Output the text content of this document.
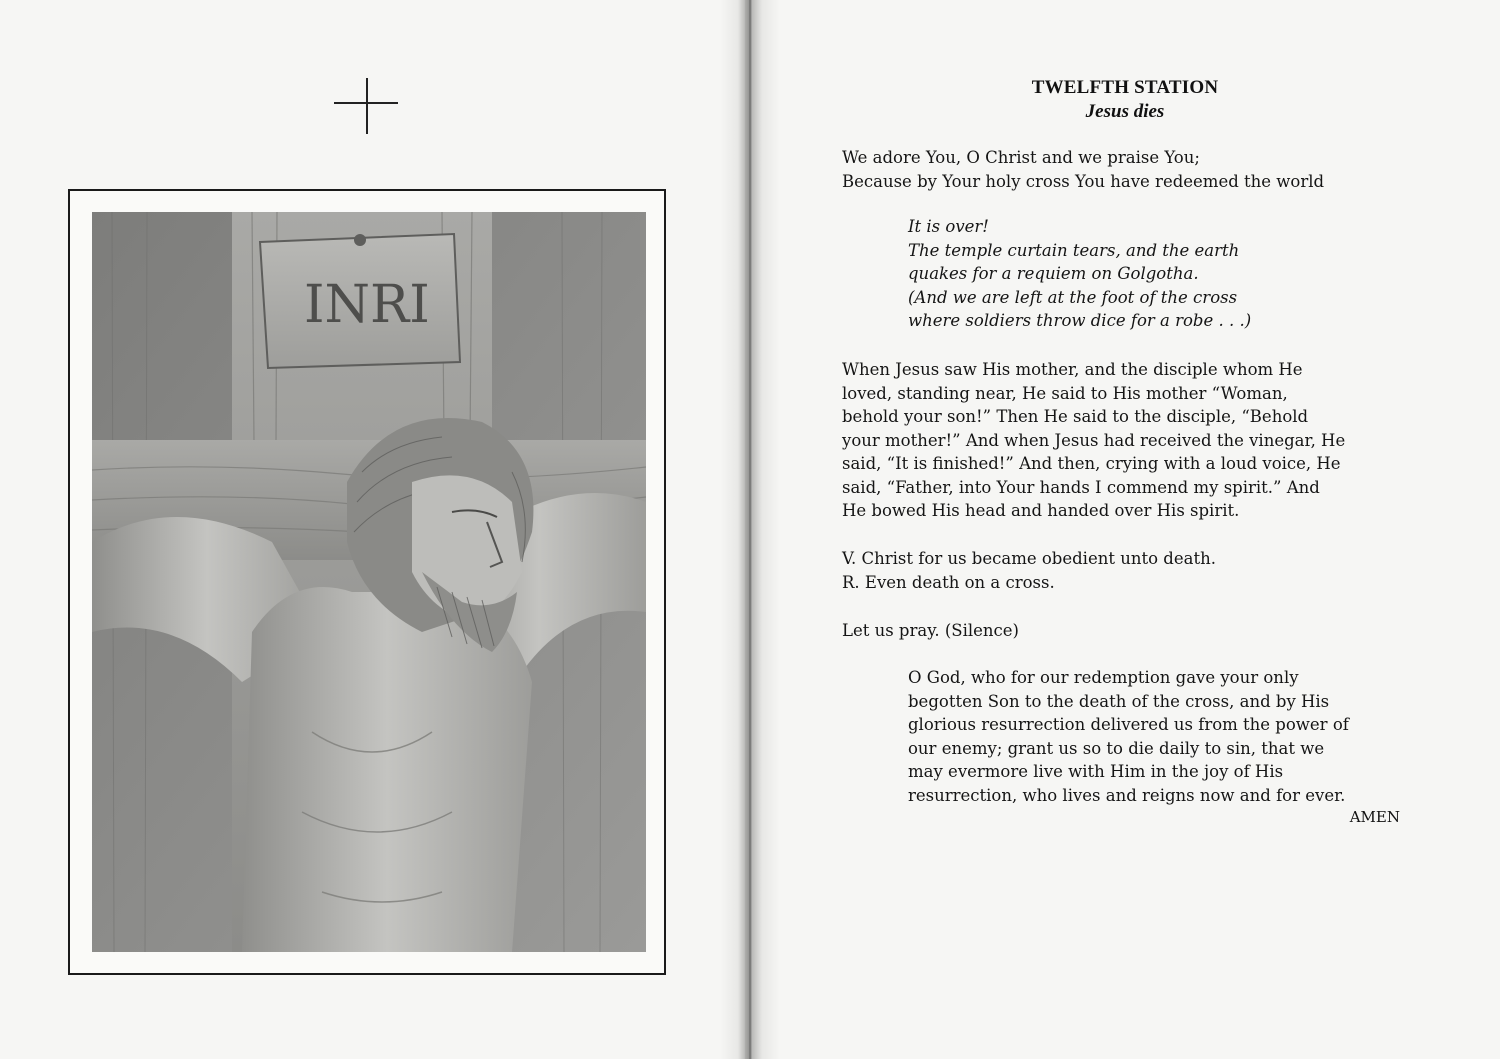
INRI
TWELFTH STATION
Jesus dies
We adore You, O Christ and we praise You;
Because by Your holy cross You have redeemed the world
It is over!
The temple curtain tears, and the earth
quakes for a requiem on Golgotha.
(And we are left at the foot of the cross
where soldiers throw dice for a robe . . .)
When Jesus saw His mother, and the disciple whom He
loved, standing near, He said to His mother “Woman,
behold your son!” Then He said to the disciple, “Behold
your mother!” And when Jesus had received the vinegar, He
said, “It is finished!” And then, crying with a loud voice, He
said, “Father, into Your hands I commend my spirit.” And
He bowed His head and handed over His spirit.
V. Christ for us became obedient unto death.
R. Even death on a cross.
Let us pray. (Silence)
O God, who for our redemption gave your only
begotten Son to the death of the cross, and by His
glorious resurrection delivered us from the power of
our enemy; grant us so to die daily to sin, that we
may evermore live with Him in the joy of His
resurrection, who lives and reigns now and for ever.
AMEN
